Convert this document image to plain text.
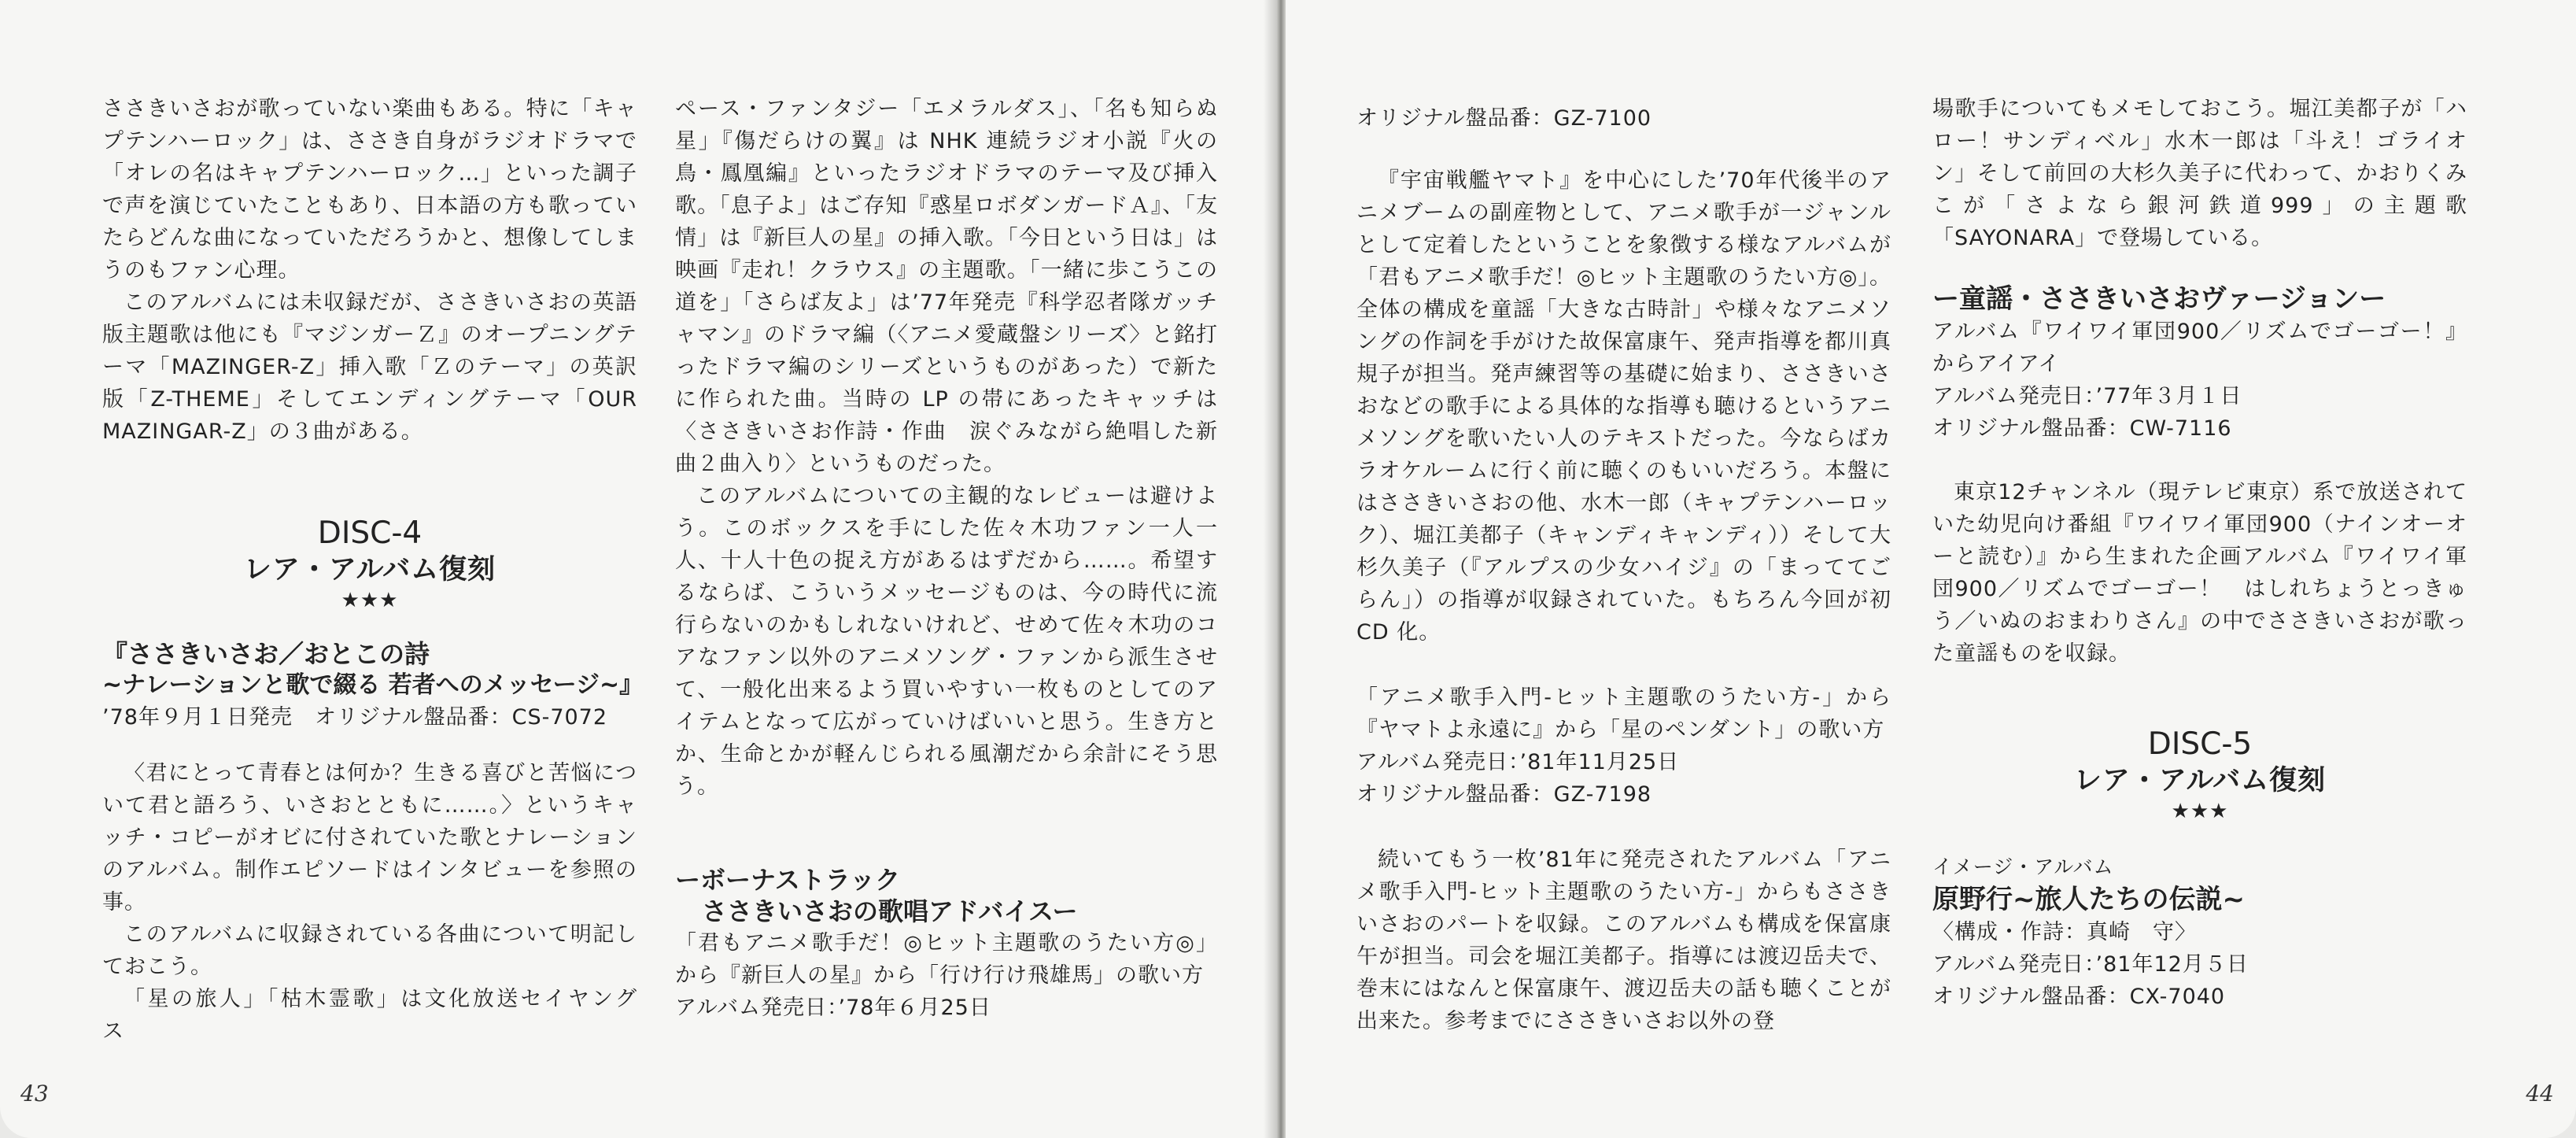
ささきいさおが歌っていない楽曲もある。特に「キャプテンハーロック」は、ささき自身がラジオドラマで「オレの名はキャプテンハーロック…」といった調子で声を演じていたこともあり、日本語の方も歌っていたらどんな曲になっていただろうかと、想像してしまうのもファン心理。

このアルバムには未収録だが、ささきいさおの英語版主題歌は他にも『マジンガーＺ』のオープニングテーマ「MAZINGER-Z」挿入歌「Ｚのテーマ」の英訳版「Z-THEME」そしてエンディングテーマ「OUR MAZINGAR-Z」の３曲がある。

DISC-4
レア・アルバム復刻
★★★

『ささきいさお／おとこの詩

~ナレーションと歌で綴る 若者へのメッセージ~』

’78年９月１日発売　オリジナル盤品番：CS-7072

〈君にとって青春とは何か？生きる喜びと苦悩について君と語ろう、いさおとともに……。〉というキャッチ・コピーがオビに付されていた歌とナレーションのアルバム。制作エピソードはインタビューを参照の事。

このアルバムに収録されている各曲について明記しておこう。

「星の旅人」「枯木霊歌」は文化放送セイヤング　ス

ペース・ファンタジー「エメラルダス」、「名も知らぬ星」『傷だらけの翼』は NHK 連続ラジオ小説『火の鳥・鳳凰編』といったラジオドラマのテーマ及び挿入歌。「息子よ」はご存知『惑星ロボダンガードＡ』、「友情」は『新巨人の星』の挿入歌。「今日という日は」は映画『走れ！クラウス』の主題歌。「一緒に歩こうこの道を」「さらば友よ」は’77年発売『科学忍者隊ガッチャマン』のドラマ編（〈アニメ愛蔵盤シリーズ〉と銘打ったドラマ編のシリーズというものがあった）で新たに作られた曲。当時の LP の帯にあったキャッチは〈ささきいさお作詩・作曲　涙ぐみながら絶唱した新曲２曲入り〉というものだった。

このアルバムについての主観的なレビューは避けよう。このボックスを手にした佐々木功ファン一人一人、十人十色の捉え方があるはずだから……。希望するならば、こういうメッセージものは、今の時代に流行らないのかもしれないけれど、せめて佐々木功のコアなファン以外のアニメソング・ファンから派生させて、一般化出来るよう買いやすい一枚ものとしてのアイテムとなって広がっていけばいいと思う。生き方とか、生命とかが軽んじられる風潮だから余計にそう思う。

ーボーナストラック

ささきいさおの歌唱アドバイスー

「君もアニメ歌手だ！◎ヒット主題歌のうたい方◎」から『新巨人の星』から「行け行け飛雄馬」の歌い方

アルバム発売日：’78年６月25日

43

オリジナル盤品番：GZ-7100

『宇宙戦艦ヤマト』を中心にした’70年代後半のアニメブームの副産物として、アニメ歌手が一ジャンルとして定着したということを象徴する様なアルバムが「君もアニメ歌手だ！◎ヒット主題歌のうたい方◎」。全体の構成を童謡「大きな古時計」や様々なアニメソングの作詞を手がけた故保富康午、発声指導を都川真規子が担当。発声練習等の基礎に始まり、ささきいさおなどの歌手による具体的な指導も聴けるというアニメソングを歌いたい人のテキストだった。今ならばカラオケルームに行く前に聴くのもいいだろう。本盤にはささきいさおの他、水木一郎（キャプテンハーロック）、堀江美都子（キャンディキャンディ））そして大杉久美子（『アルプスの少女ハイジ』の「まっててごらん」）の指導が収録されていた。もちろん今回が初 CD 化。

「アニメ歌手入門-ヒット主題歌のうたい方-」から『ヤマトよ永遠に』から「星のペンダント」の歌い方

アルバム発売日：’81年11月25日

オリジナル盤品番：GZ-7198

続いてもう一枚’81年に発売されたアルバム「アニメ歌手入門-ヒット主題歌のうたい方-」からもささきいさおのパートを収録。このアルバムも構成を保富康午が担当。司会を堀江美都子。指導には渡辺岳夫で、巻末にはなんと保富康午、渡辺岳夫の話も聴くことが出来た。参考までにささきいさお以外の登

場歌手についてもメモしておこう。堀江美都子が「ハロー！サンディベル」水木一郎は「斗え！ゴライオン」そして前回の大杉久美子に代わって、かおりくみこが「さよなら銀河鉄道999」の主題歌「SAYONARA」で登場している。

ー童謡・ささきいさおヴァージョンー

アルバム『ワイワイ軍団900／リズムでゴーゴー！』からアイアイ

アルバム発売日：’77年３月１日

オリジナル盤品番：CW-7116

東京12チャンネル（現テレビ東京）系で放送されていた幼児向け番組『ワイワイ軍団900（ナインオーオーと読む）』から生まれた企画アルバム『ワイワイ軍団900／リズムでゴーゴー！　はしれちょうとっきゅう／いぬのおまわりさん』の中でささきいさおが歌った童謡ものを収録。

DISC-5
レア・アルバム復刻
★★★

イメージ・アルバム

原野行~旅人たちの伝説~

〈構成・作詩：真崎　守〉

アルバム発売日：’81年12月５日

オリジナル盤品番：CX-7040

44
